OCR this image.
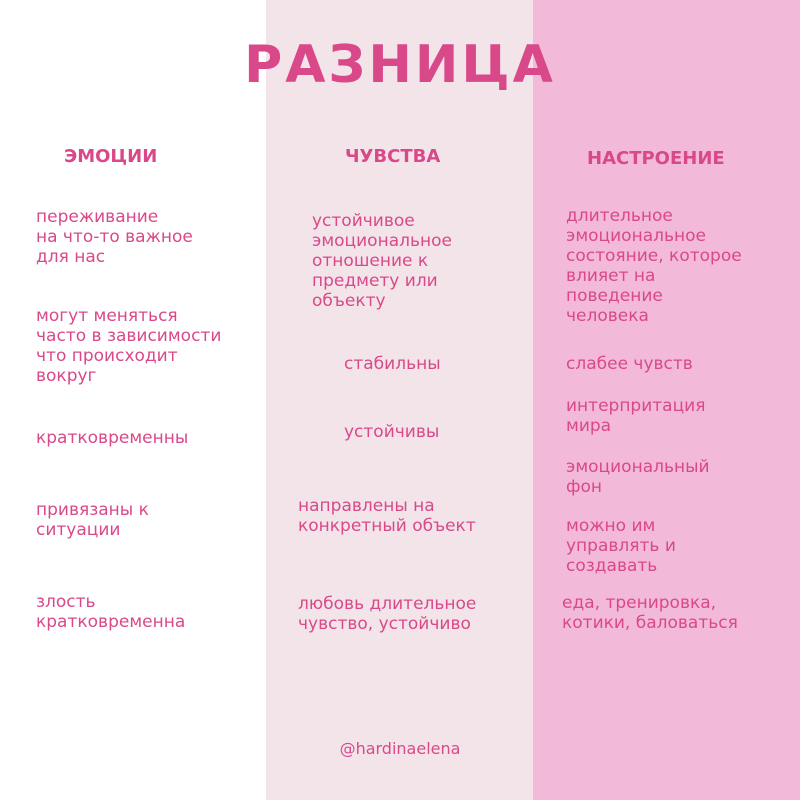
РАЗНИЦА
ЭМОЦИИ	ЧУВСТВА	НАСТРОЕНИЕ

переживание
на что-то важное
для нас

могут меняться
часто в зависимости
что происходит
вокруг

кратковременны

привязаны к
ситуации

злость
кратковременна

устойчивое
эмоциональное
отношение к
предмету или
объекту

стабильны

устойчивы

направлены на
конкретный объект

любовь длительное
чувство, устойчиво

длительное
эмоциональное
состояние, которое
влияет на
поведение
человека

слабее чувств

интерпритация
мира

эмоциональный
фон

можно им
управлять и
создавать

еда, тренировка,
котики, баловаться

@hardinaelena
